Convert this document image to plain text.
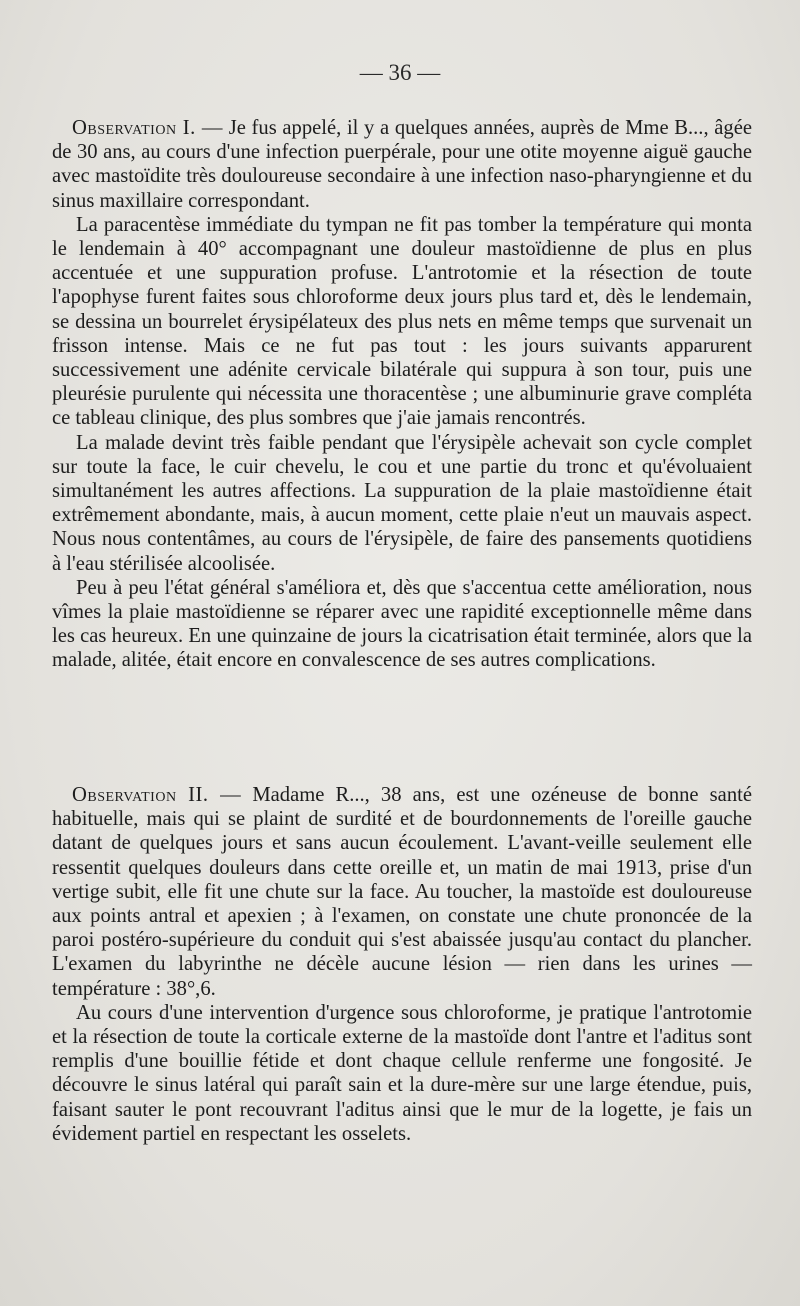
— 36 —

Observation I. — Je fus appelé, il y a quelques années, auprès de Mme B..., âgée de 30 ans, au cours d'une infection puerpérale, pour une otite moyenne aiguë gauche avec mastoïdite très douloureuse secondaire à une infection naso-pharyngienne et du sinus maxillaire correspondant.

La paracentèse immédiate du tympan ne fit pas tomber la température qui monta le lendemain à 40° accompagnant une douleur mastoïdienne de plus en plus accentuée et une suppuration profuse. L'antrotomie et la résection de toute l'apophyse furent faites sous chloroforme deux jours plus tard et, dès le lendemain, se dessina un bourrelet érysipélateux des plus nets en même temps que survenait un frisson intense. Mais ce ne fut pas tout : les jours suivants apparurent successivement une adénite cervicale bilatérale qui suppura à son tour, puis une pleurésie purulente qui nécessita une thoracentèse ; une albuminurie grave compléta ce tableau clinique, des plus sombres que j'aie jamais rencontrés.

La malade devint très faible pendant que l'érysipèle achevait son cycle complet sur toute la face, le cuir chevelu, le cou et une partie du tronc et qu'évoluaient simultanément les autres affections. La suppuration de la plaie mastoïdienne était extrêmement abondante, mais, à aucun moment, cette plaie n'eut un mauvais aspect. Nous nous contentâmes, au cours de l'érysipèle, de faire des pansements quotidiens à l'eau stérilisée alcoolisée.

Peu à peu l'état général s'améliora et, dès que s'accentua cette amélioration, nous vîmes la plaie mastoïdienne se réparer avec une rapidité exceptionnelle même dans les cas heureux. En une quinzaine de jours la cicatrisation était terminée, alors que la malade, alitée, était encore en convalescence de ses autres complications.

Observation II. — Madame R..., 38 ans, est une ozéneuse de bonne santé habituelle, mais qui se plaint de surdité et de bourdonnements de l'oreille gauche datant de quelques jours et sans aucun écoulement. L'avant-veille seulement elle ressentit quelques douleurs dans cette oreille et, un matin de mai 1913, prise d'un vertige subit, elle fit une chute sur la face. Au toucher, la mastoïde est douloureuse aux points antral et apexien ; à l'examen, on constate une chute prononcée de la paroi postéro-supérieure du conduit qui s'est abaissée jusqu'au contact du plancher. L'examen du labyrinthe ne décèle aucune lésion — rien dans les urines — température : 38°,6.

Au cours d'une intervention d'urgence sous chloroforme, je pratique l'antrotomie et la résection de toute la corticale externe de la mastoïde dont l'antre et l'aditus sont remplis d'une bouillie fétide et dont chaque cellule renferme une fongosité. Je découvre le sinus latéral qui paraît sain et la dure-mère sur une large étendue, puis, faisant sauter le pont recouvrant l'aditus ainsi que le mur de la logette, je fais un évidement partiel en respectant les osselets.
